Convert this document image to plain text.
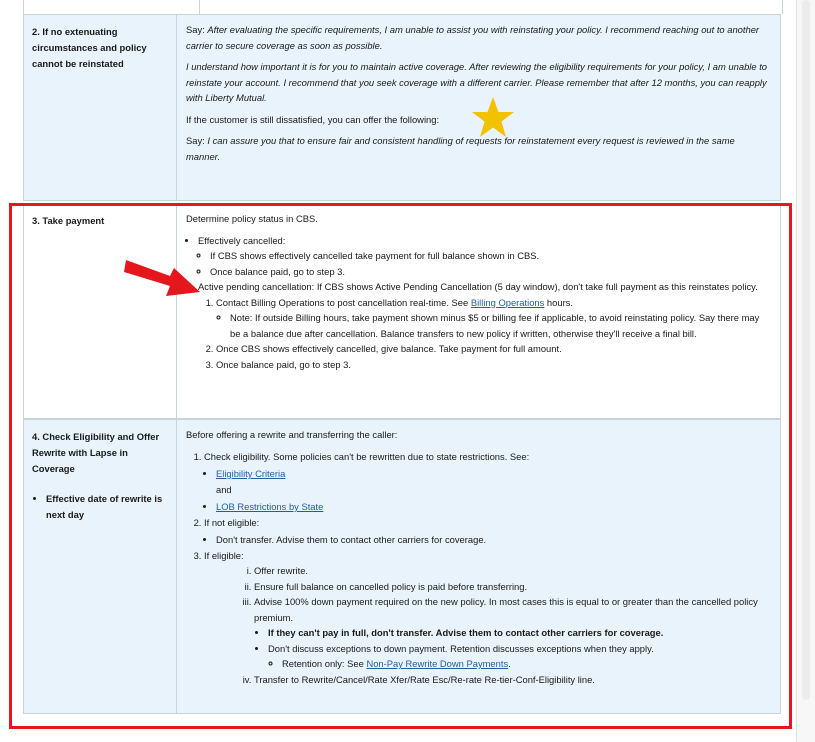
2. If no extenuating circumstances and policy cannot be reinstated

Say: After evaluating the specific requirements, I am unable to assist you with reinstating your policy. I recommend reaching out to another carrier to secure coverage as soon as possible.

I understand how important it is for you to maintain active coverage. After reviewing the eligibility requirements for your policy, I am unable to reinstate your account. I recommend that you seek coverage with a different carrier. Please remember that after 12 months, you can reapply with Liberty Mutual.

If the customer is still dissatisfied, you can offer the following:

Say: I can assure you that to ensure fair and consistent handling of requests for reinstatement every request is reviewed in the same manner.

3. Take payment	Determine policy status in CBS.

• Effectively cancelled:
◦ If CBS shows effectively cancelled take payment for full balance shown in CBS.
◦ Once balance paid, go to step 3.
Active pending cancellation: If CBS shows Active Pending Cancellation (5 day window), don't take full payment as this reinstates policy.
1. Contact Billing Operations to post cancellation real-time. See Billing Operations hours.
◦ Note: If outside Billing hours, take payment shown minus $5 or billing fee if applicable, to avoid reinstating policy. Say there may be a balance due after cancellation. Balance transfers to new policy if written, otherwise they'll receive a final bill.
2. Once CBS shows effectively cancelled, give balance. Take payment for full amount.
3. Once balance paid, go to step 3.
4. Check Eligibility and Offer Rewrite with Lapse in Coverage
• Effective date of rewrite is next day

Before offering a rewrite and transferring the caller:

1. Check eligibility. Some policies can't be rewritten due to state restrictions. See:
• Eligibility Criteria
and
• LOB Restrictions by State
2. If not eligible:
• Don't transfer. Advise them to contact other carriers for coverage.
3. If eligible:
i. Offer rewrite.
ii. Ensure full balance on cancelled policy is paid before transferring.
iii. Advise 100% down payment required on the new policy. In most cases this is equal to or greater than the cancelled policy premium.
• If they can't pay in full, don't transfer. Advise them to contact other carriers for coverage.
• Don't discuss exceptions to down payment. Retention discusses exceptions when they apply.
◦ Retention only: See Non-Pay Rewrite Down Payments.
iv. Transfer to Rewrite/Cancel/Rate Xfer/Rate Esc/Re-rate Re-tier-Conf-Eligibility line.
